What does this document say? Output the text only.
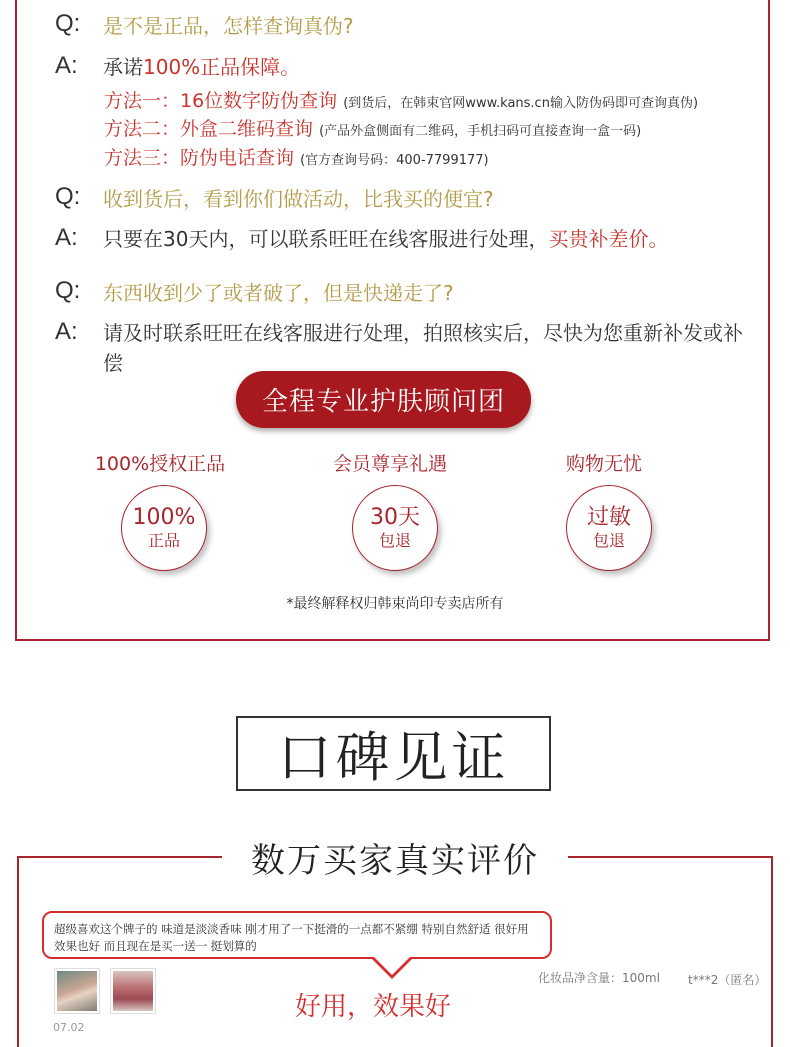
Q:	是不是正品，怎样查询真伪?
A:	承诺100%正品保障。
方法一：16位数字防伪查询 (到货后，在韩束官网www.kans.cn输入防伪码即可查询真伪)
方法二：外盒二维码查询 (产品外盒侧面有二维码，手机扫码可直接查询一盒一码)
方法三：防伪电话查询 (官方查询号码：400-7799177)
Q:	收到货后，看到你们做活动，比我买的便宜?
A:	只要在30天内，可以联系旺旺在线客服进行处理，买贵补差价。
Q:	东西收到少了或者破了，但是快递走了?
A:	请及时联系旺旺在线客服进行处理，拍照核实后，尽快为您重新补发或补偿
全程专业护肤顾问团
100%授权正品	会员尊享礼遇	购物无忧
100%
正品
30天
包退
过敏
包退
*最终解释权归韩束尚印专卖店所有
口碑见证
数万买家真实评价
超级喜欢这个牌子的 味道是淡淡香味 刚才用了一下挺滑的一点都不紧绷 特别自然舒适 很好用 效果也好 而且现在是买一送一 挺划算的
07.02
好用，效果好
化妆品净含量：100ml t***2（匿名）
